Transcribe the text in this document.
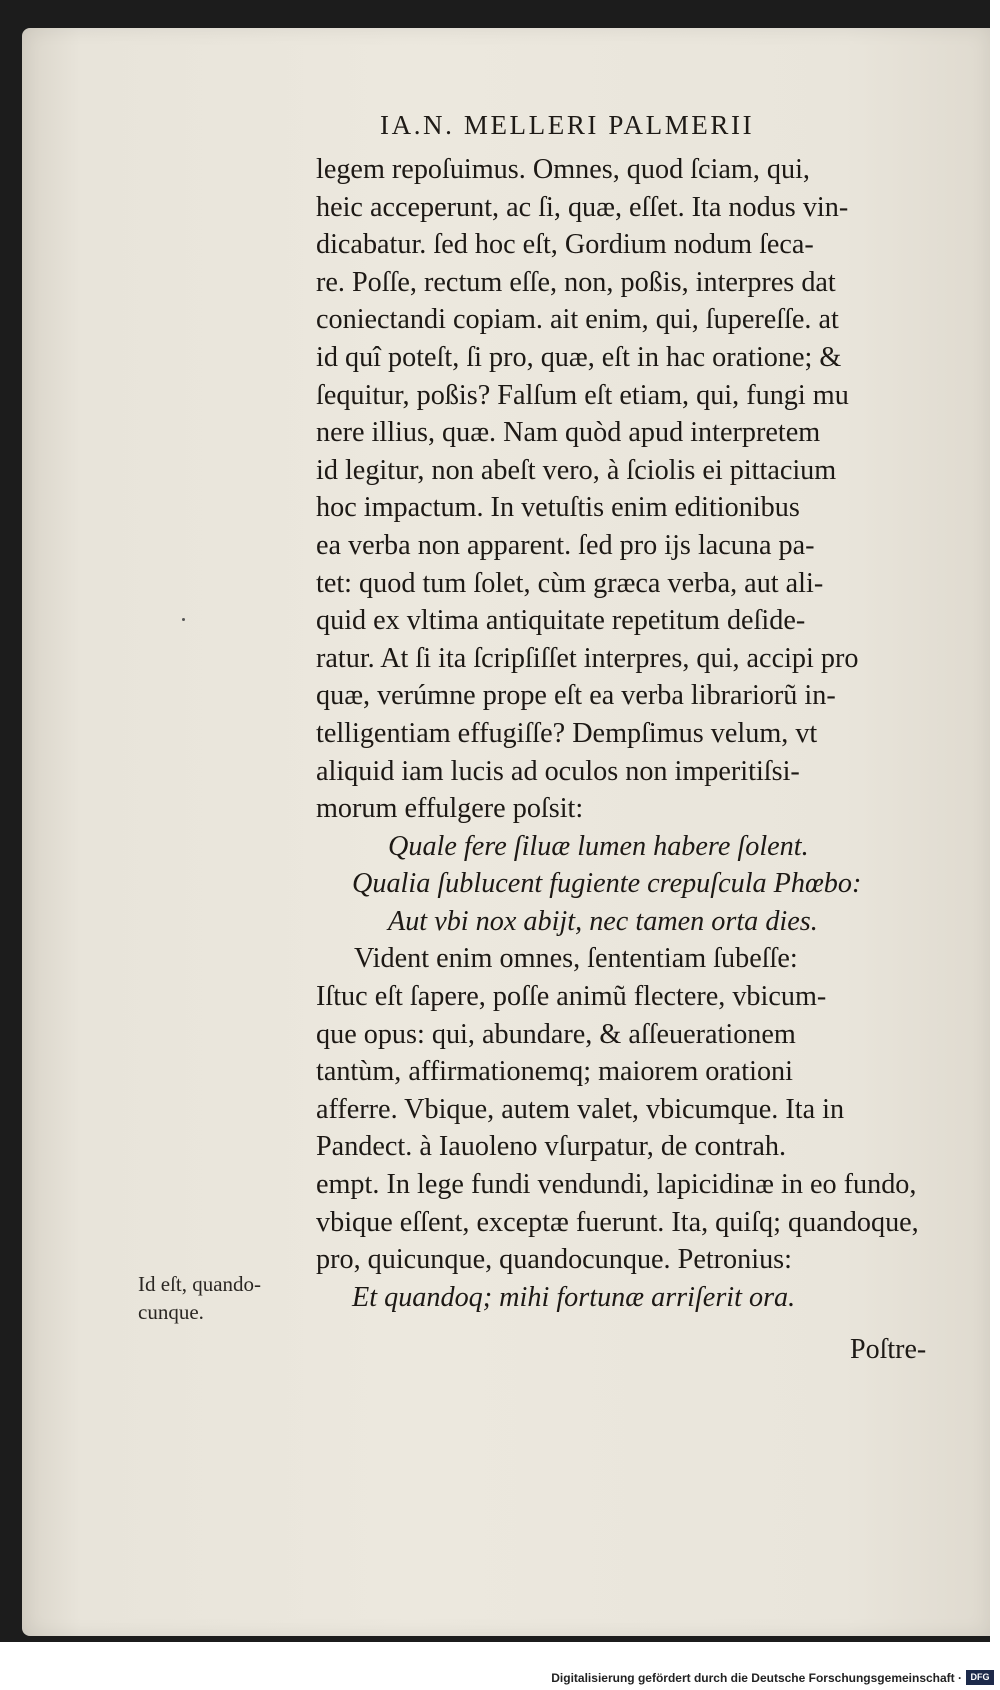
IA.N. MELLERI PALMERII
legem repoſuimus. Omnes, quod ſciam, qui,
heic acceperunt, ac ſi, quæ, eſſet. Ita nodus vin-
dicabatur. ſed hoc eſt, Gordium nodum ſeca-
re. Poſſe, rectum eſſe, non, poßis, interpres dat
coniectandi copiam. ait enim, qui, ſupereſſe. at
id quî poteſt, ſi pro, quæ, eſt in hac oratione; &
ſequitur, poßis? Falſum eſt etiam, qui, fungi mu
nere illius, quæ. Nam quòd apud interpretem
id legitur, non abeſt vero, à ſciolis ei pittacium
hoc impactum. In vetuſtis enim editionibus
ea verba non apparent. ſed pro ijs lacuna pa-
tet: quod tum ſolet, cùm græca verba, aut ali-
quid ex vltima antiquitate repetitum deſide-
ratur. At ſi ita ſcripſiſſet interpres, qui, accipi pro
quæ, verúmne prope eſt ea verba librariorũ in-
telligentiam effugiſſe? Dempſimus velum, vt
aliquid iam lucis ad oculos non imperitiſsi-
morum effulgere poſsit:
Quale fere ſiluæ lumen habere ſolent.
Qualia ſublucent fugiente crepuſcula Phœbo:
Aut vbi nox abijt, nec tamen orta dies.
Vident enim omnes, ſententiam ſubeſſe:
Iſtuc eſt ſapere, poſſe animũ flectere, vbicum-
que opus: qui, abundare, & aſſeuerationem
tantùm, affirmationemq; maiorem orationi
afferre. Vbique, autem valet, vbicumque. Ita in
Pandect. à Iauoleno vſurpatur, de contrah.
empt. In lege fundi vendundi, lapicidinæ in eo fundo,
vbique eſſent, exceptæ fuerunt. Ita, quiſq; quandoque,
pro, quicunque, quandocunque. Petronius:
Et quandoq; mihi fortunæ arriſerit ora.
Poſtre-
Id eſt, quando-
cunque.
Digitalisierung gefördert durch die Deutsche Forschungsgemeinschaft · DFG
